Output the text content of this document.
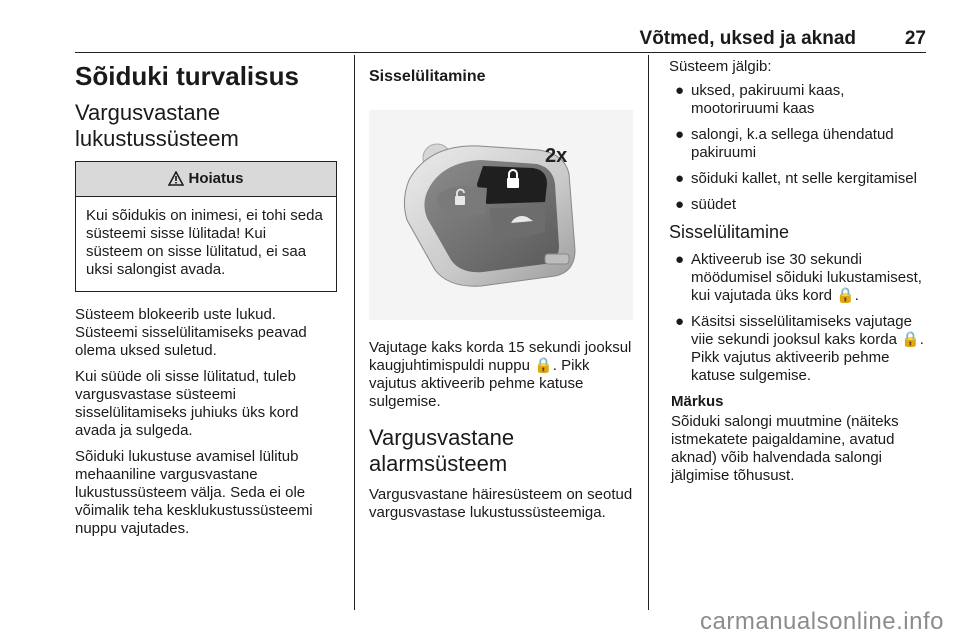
Võtmed, uksed ja aknad	27
Sõiduki turvalisus
Vargusvastane lukustussüsteem
Hoiatus

Kui sõidukis on inimesi, ei tohi seda süsteemi sisse lülitada! Kui süsteem on sisse lülitatud, ei saa uksi salongist avada.

Süsteem blokeerib uste lukud. Süsteemi sisselülitamiseks peavad olema uksed suletud.

Kui süüde oli sisse lülitatud, tuleb vargusvastase süsteemi sisselülitamiseks juhiuks üks kord avada ja sulgeda.

Sõiduki lukustuse avamisel lülitub mehaaniline vargusvastane lukustussüsteem välja. Seda ei ole võimalik teha kesklukustussüsteemi nuppu vajutades.

Sisselülitamine
2x

Vajutage kaks korda 15 sekundi jooksul kaugjuhtimispuldi nuppu 🔒. Pikk vajutus aktiveerib pehme katuse sulgemise.

Vargusvastane alarmsüsteem

Vargusvastane häiresüsteem on seotud vargusvastase lukustussüsteemiga.

Süsteem jälgib:

● uksed, pakiruumi kaas, mootoriruumi kaas
● salongi, k.a sellega ühendatud pakiruumi
● sõiduki kallet, nt selle kergitamisel
● süüdet
Sisselülitamine
● Aktiveerub ise 30 sekundi möödumisel sõiduki lukustamisest, kui vajutada üks kord 🔒.
● Käsitsi sisselülitamiseks vajutage viie sekundi jooksul kaks korda 🔒. Pikk vajutus aktiveerib pehme katuse sulgemise.
Märkus

Sõiduki salongi muutmine (näiteks istmekatete paigaldamine, avatud aknad) võib halvendada salongi jälgimise tõhusust.

carmanualsonline.info
